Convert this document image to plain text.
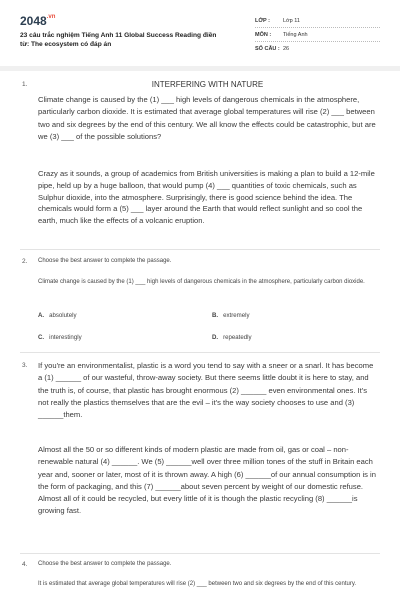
$2048^{.vn}$
23 câu trắc nghiệm Tiếng Anh 11 Global Success Reading điền từ: The ecosystem có đáp án
LỚP : Lớp 11
MÔN : Tiếng Anh
SỐ CÂU : 26
1.	INTERFERING WITH NATURE

Climate change is caused by the (1) ___ high levels of dangerous chemicals in the atmosphere, particularly carbon dioxide. It is estimated that average global temperatures will rise (2) ___ between two and six degrees by the end of this century. We all know the effects could be catastrophic, but are we (3) ___ of the possible solutions?

Crazy as it sounds, a group of academics from British universities is making a plan to build a 12-mile pipe, held up by a huge balloon, that would pump (4) ___ quantities of toxic chemicals, such as Sulphur dioxide, into the atmosphere. Surprisingly, there is good science behind the idea. The chemicals would form a (5) ___ layer around the Earth that would reflect sunlight and so cool the earth, much like the effects of a volcanic eruption.

2. Choose the best answer to complete the passage.

Climate change is caused by the (1) ___ high levels of dangerous chemicals in the atmosphere, particularly carbon dioxide.

A. absolutely	B. extremely
C. interestingly	D. repeatedly
3. If you're an environmentalist, plastic is a word you tend to say with a sneer or a snarl. It has become a (1) ______ of our wasteful, throw-away society. But there seems little doubt it is here to stay, and the truth is, of course, that plastic has brought enormous (2) ______ even environmental ones. It's not really the plastics themselves that are the evil – it's the way society chooses to use and (3) ______them.

Almost all the 50 or so different kinds of modern plastic are made from oil, gas or coal – non-renewable natural (4) ______. We (5) ______well over three million tones of the stuff in Britain each year and, sooner or later, most of it is thrown away. A high (6) ______of our annual consumption is in the form of packaging, and this (7) ______about seven percent by weight of our domestic refuse. Almost all of it could be recycled, but every little of it is though the plastic recycling (8) ______is growing fast.

4. Choose the best answer to complete the passage.

It is estimated that average global temperatures will rise (2) ___ between two and six degrees by the end of this century.
